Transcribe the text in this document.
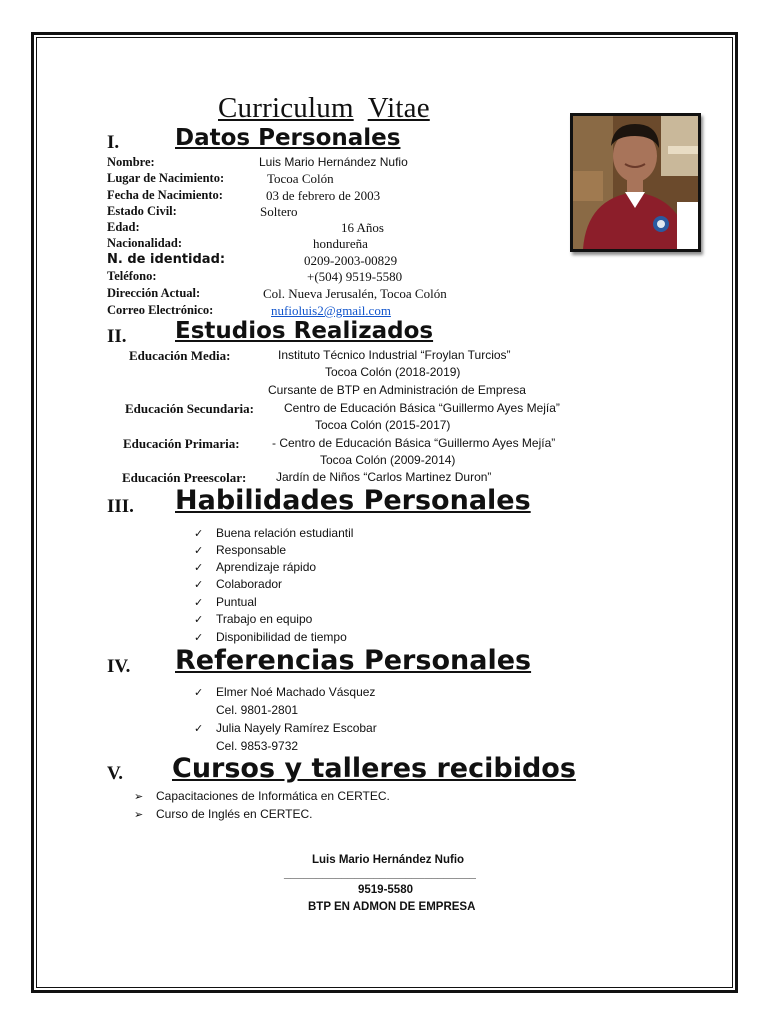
Curriculum Vitae
I. Datos Personales
Nombre:	Luis Mario Hernández Nufio
Lugar de Nacimiento:	Tocoa Colón
Fecha de Nacimiento:	03 de febrero de 2003
Estado Civil:	Soltero
Edad:	16 Años
Nacionalidad:	hondureña
N. de identidad:	0209-2003-00829
Teléfono:	+(504) 9519-5580
Dirección Actual:	Col. Nueva Jerusalén, Tocoa Colón
Correo Electrónico:	nufioluis2@gmail.com
II. Estudios Realizados
Educación Media:	Instituto Técnico Industrial “Froylan Turcios”
Tocoa Colón (2018-2019)
Cursante de BTP en Administración de Empresa
Educación Secundaria:	Centro de Educación Básica “Guillermo Ayes Mejía”
Tocoa Colón (2015-2017)
Educación Primaria:	- Centro de Educación Básica “Guillermo Ayes Mejía”
Tocoa Colón (2009-2014)
Educación Preescolar: Jardín de Niños “Carlos Martinez Duron”
III. Habilidades Personales
✓ Buena relación estudiantil
✓ Responsable
✓ Aprendizaje rápido
✓ Colaborador
✓ Puntual
✓ Trabajo en equipo
✓ Disponibilidad de tiempo
IV. Referencias Personales
✓ Elmer Noé Machado Vásquez
Cel. 9801-2801
✓ Julia Nayely Ramírez Escobar
Cel. 9853-9732
V. Cursos y talleres recibidos
➢ Capacitaciones de Informática en CERTEC.
➢ Curso de Inglés en CERTEC.
Luis Mario Hernández Nufio
______________________________
9519-5580
BTP EN ADMON DE EMPRESA
